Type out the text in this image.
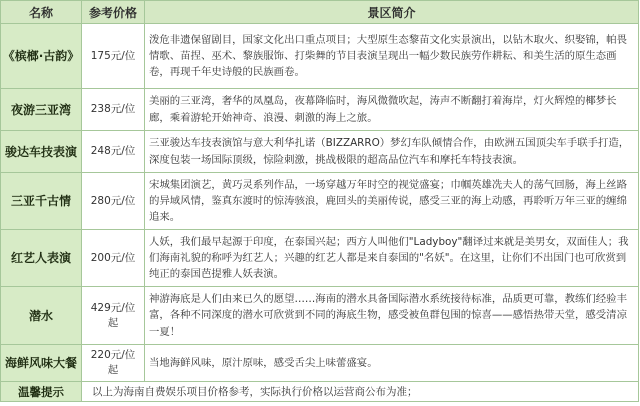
名称	参考价格	景区简介
《槟榔·古韵》	175元/位	泼危非遗保留剧目，国家文化出口重点项目；大型原生态黎苗文化实景演出，以钻木取火、织娶锦，帕畏情歌、苗捏、巫术、黎族服饰、打柴舞的节目表演呈现出一幅少数民族劳作耕耘、和美生活的原生态画卷，再现千年史诗般的民族画卷。
夜游三亚湾	238元/位	美丽的三亚湾，奢华的凤凰岛，夜幕降临时，海风微微吹起，涛声不断翻打着海岸，灯火辉煌的椰梦长廊，乘着游轮开始神奇、浪漫、刺激的海上之旅。
骏达车技表演	248元/位	三亚骏达车技表演馆与意大利华扎诺（BIZZARRO）梦幻车队倾情合作，由欧洲五国顶尖车手联手打造，深度包装一场国际顶级，惊险刺激，挑战极限的超高品位汽车和摩托车特技表演。
三亚千古情	280元/位	宋城集团演艺，黄巧灵系列作品，一场穿越万年时空的视觉盛宴；巾帼英雄冼夫人的荡气回肠，海上丝路的异域风情，鉴真东渡时的惊涛骇浪，鹿回头的美丽传说，感受三亚的海上动感，再聆听万年三亚的缠绵追来。
红艺人表演	200元/位	人妖，我们最早起源于印度，在泰国兴起；西方人叫他们"Ladyboy"翻译过来就是美男女，双面佳人；我们海南礼貌的称呼为红艺人；兴趣的红艺人都是来自泰国的"名妖"。在这里，让你们不出国门也可欣赏到纯正的泰国芭提雅人妖表演。
潜水	429元/位起	神游海底是人们由来已久的愿望……海南的潜水具备国际潜水系统接待标准，品质更可靠，教练们经验丰富，各种不同深度的潜水可欣赏到不同的海底生物，感受被鱼群包围的惊喜——感悟热带天堂，感受清凉一夏！
海鲜风味大餐	220元/位起	当地海鲜风味，原汁原味，感受舌尖上味蕾盛宴。
温馨提示	以上为海南自费娱乐项目价格参考，实际执行价格以运营商公布为准；	
